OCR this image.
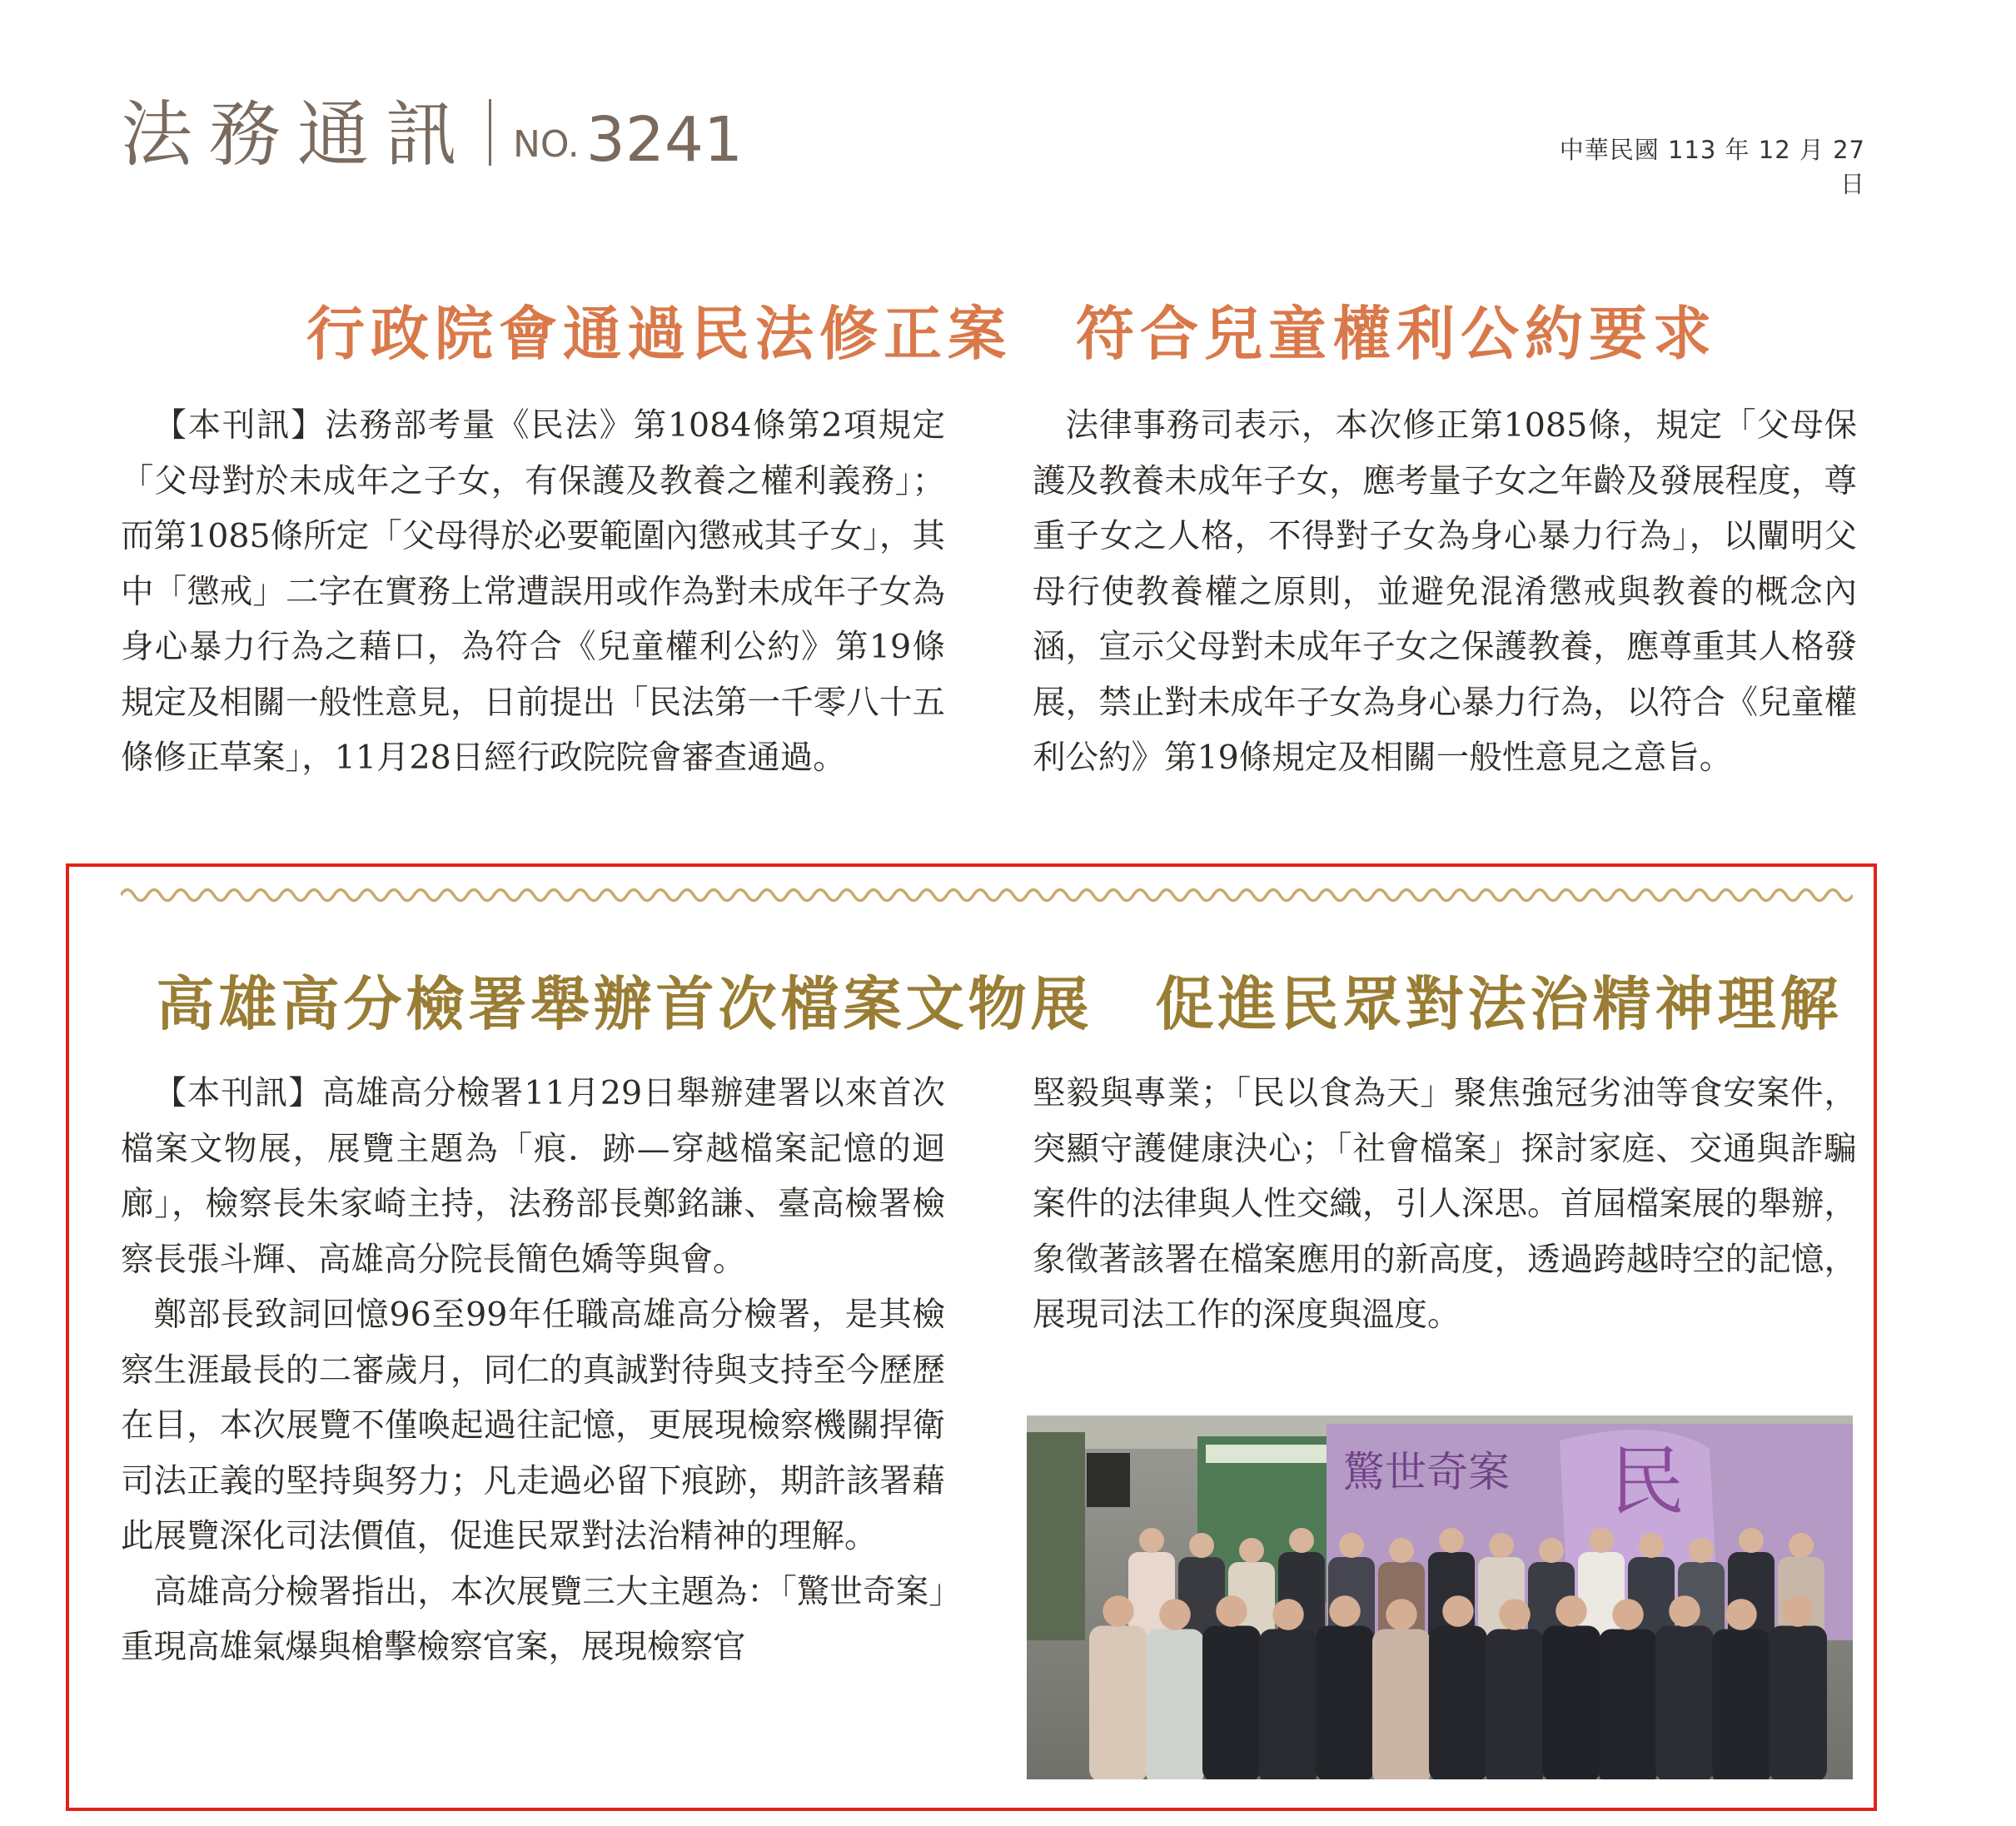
法務通訊 NO. 3241	中華民國 113 年 12 月 27 日
行政院會通過民法修正案　符合兒童權利公約要求

【本刊訊】法務部考量《民法》第1084條第2項規定「父母對於未成年之子女，有保護及教養之權利義務」；而第1085條所定「父母得於必要範圍內懲戒其子女」，其中「懲戒」二字在實務上常遭誤用或作為對未成年子女為身心暴力行為之藉口，為符合《兒童權利公約》第19條規定及相關一般性意見，日前提出「民法第一千零八十五條修正草案」，11月28日經行政院院會審查通過。

法律事務司表示，本次修正第1085條，規定「父母保護及教養未成年子女，應考量子女之年齡及發展程度，尊重子女之人格，不得對子女為身心暴力行為」，以闡明父母行使教養權之原則，並避免混淆懲戒與教養的概念內涵，宣示父母對未成年子女之保護教養，應尊重其人格發展，禁止對未成年子女為身心暴力行為，以符合《兒童權利公約》第19條規定及相關一般性意見之意旨。

高雄高分檢署舉辦首次檔案文物展　促進民眾對法治精神理解

【本刊訊】高雄高分檢署11月29日舉辦建署以來首次檔案文物展，展覽主題為「痕．跡—穿越檔案記憶的迴廊」，檢察長朱家崎主持，法務部長鄭銘謙、臺高檢署檢察長張斗輝、高雄高分院長簡色嬌等與會。

鄭部長致詞回憶96至99年任職高雄高分檢署，是其檢察生涯最長的二審歲月，同仁的真誠對待與支持至今歷歷在目，本次展覽不僅喚起過往記憶，更展現檢察機關捍衛司法正義的堅持與努力；凡走過必留下痕跡，期許該署藉此展覽深化司法價值，促進民眾對法治精神的理解。

高雄高分檢署指出，本次展覽三大主題為：「驚世奇案」重現高雄氣爆與槍擊檢察官案，展現檢察官

堅毅與專業；「民以食為天」聚焦強冠劣油等食安案件，突顯守護健康決心；「社會檔案」探討家庭、交通與詐騙案件的法律與人性交織，引人深思。首屆檔案展的舉辦，象徵著該署在檔案應用的新高度，透過跨越時空的記憶，展現司法工作的深度與溫度。

驚世奇案 民
